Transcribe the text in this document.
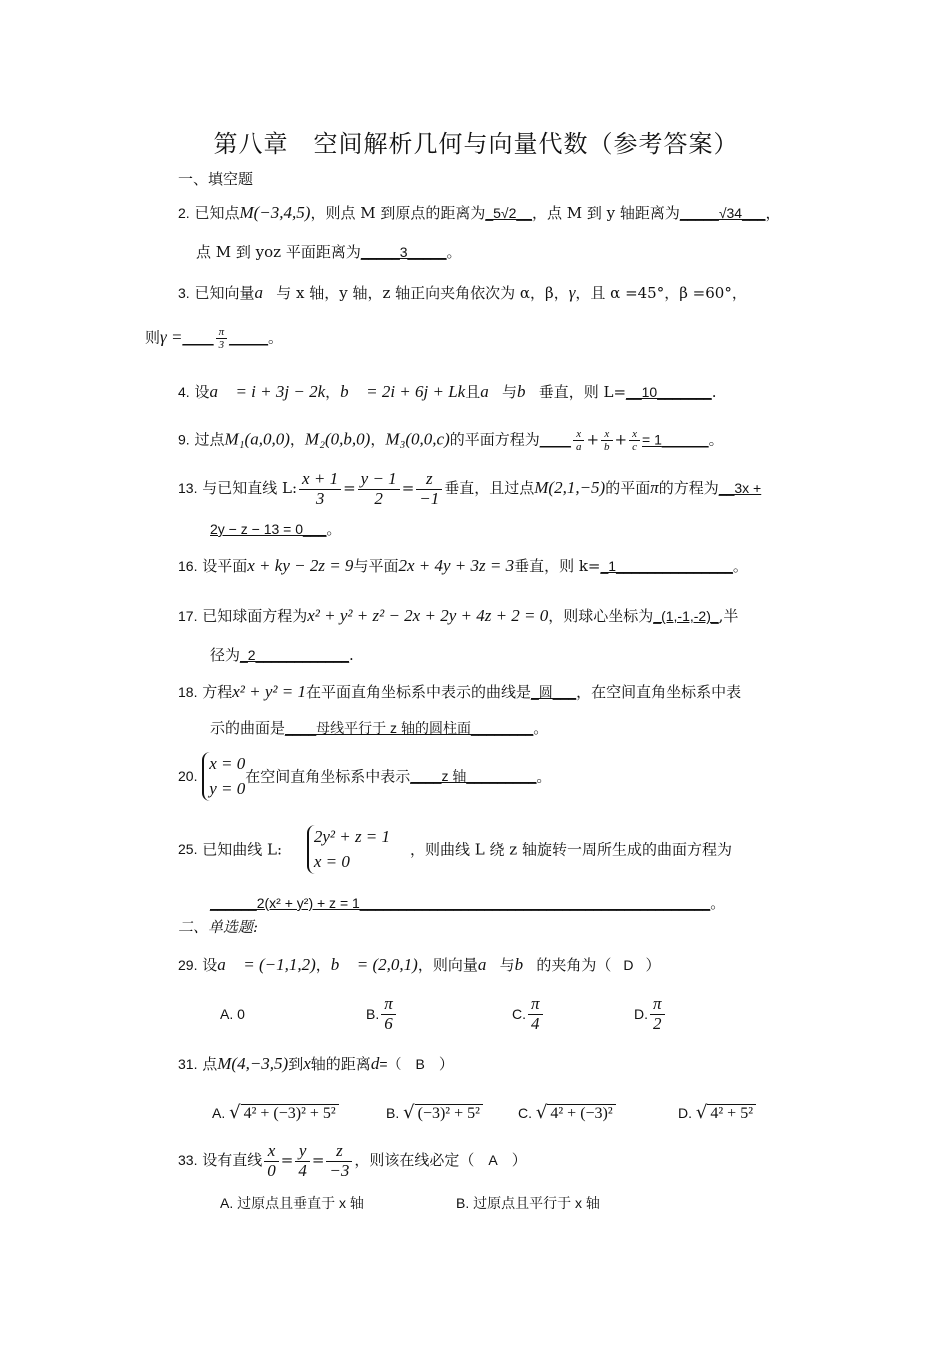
第八章　空间解析几何与向量代数（参考答案）
一、填空题
2. 已知点M(−3,4,5)，则点 M 到原点的距离为_5√2__，点 M 到 y 轴距离为_____√34___，
点 M 到 yoz 平面距离为_____3_____。
3. 已知向量a⃗与 x 轴，y 轴，z 轴正向夹角依次为 α，β，γ，且 α =45°，β =60°，
则γ =____ $\frac{\pi}{3}$ _____。
4. 设a⃗ = i + 3j − 2k，b⃗ = 2i + 6j + Lk且a⃗与b⃗垂直，则 L=__10_______.
9. 过点M₁(a,0,0)，M₂(0,b,0)，M₃(0,0,c)的平面方程为____ $\frac{x}{a} + \frac{x}{b} + \frac{x}{c}$ = 1______。
13. 与已知直线 L: $\frac{x + 1}{3} = \frac{y - 1}{2} = \frac{z}{-1}$ 垂直，且过点M(2,1,−5)的平面π的方程为__3x +
2y − z − 13 = 0___。
16. 设平面x + ky − 2z = 9与平面2x + 4y + 3z = 3垂直，则 k=_1_______________。
17. 已知球面方程为x² + y² + z² − 2x + 2y + 4z + 2 = 0，则球心坐标为_(1,-1,-2)_,半
径为_2____________.
18. 方程x² + y² = 1在平面直角坐标系中表示的曲线是_圆___，在空间直角坐标系中表
示的曲面是____母线平行于 z 轴的圆柱面________。
20.
x = 0
y = 0
在空间直角坐标系中表示____z 轴_________。
25. 已知曲线 L:
2y² + z = 1
x = 0
，则曲线 L 绕 z 轴旋转一周所生成的曲面方程为
______2(x² + y²) + z = 1_____________________________________________。
二、单选题:
29. 设a⃗ = (−1,1,2)，b⃗ = (2,0,1)，则向量a⃗与b⃗的夹角为（ D ）
A. 0	B. $\frac{\pi}{6}$	C. $\frac{\pi}{4}$	D. $\frac{\pi}{2}$
31. 点M(4,−3,5)到x轴的距离d=（ B ）
A. √ 4² + (−3)² + 5²	B. √ (−3)² + 5²	C. √ 4² + (−3)²	D. √ 4² + 5²
33. 设有直线 $\frac{x}{0} = \frac{y}{4} = \frac{z}{-3}$ ，则该在线必定（ A ）
A. 过原点且垂直于 x 轴	B. 过原点且平行于 x 轴
